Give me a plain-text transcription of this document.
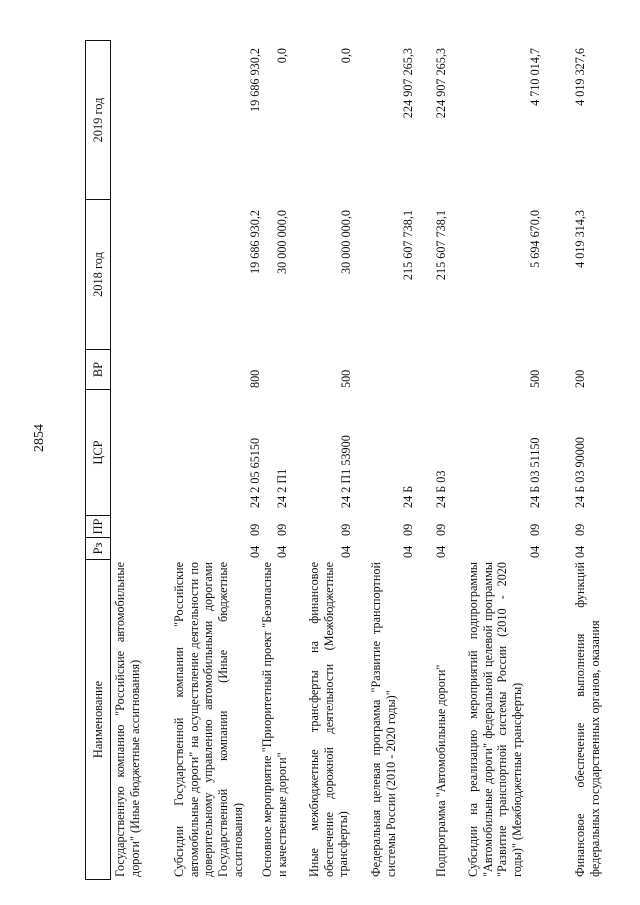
2854
Наименование
Рз
ПР
ЦСР
ВР
2018 год
2019 год
Государственную компанию "Российские автомобильные дороги" (Иные бюджетные ассигнования) Субсидии Государственной компании "Российские автомобильные дороги" на осуществление деятельности по доверительному управлению автомобильными дорогами Государственной компании (Иные бюджетные ассигнования)
04
09
24 2 05 65150
800
19 686 930,2
19 686 930,2
Основное мероприятие "Приоритетный проект "Безопасные и качественные дороги"
04
09
24 2 П1
30 000 000,0
0,0
Иные межбюджетные трансферты на финансовое обеспечение дорожной деятельности (Межбюджетные трансферты)
04
09
24 2 П1 53900
500
30 000 000,0
0,0
Федеральная целевая программа "Развитие транспортной системы России (2010 - 2020 годы)"
04
09
24 Б
215 607 738,1
224 907 265,3
Подпрограмма "Автомобильные дороги"
04
09
24 Б 03
215 607 738,1
224 907 265,3
Субсидии на реализацию мероприятий подпрограммы "Автомобильные дороги" федеральной целевой программы "Развитие транспортной системы России (2010 - 2020 годы)" (Межбюджетные трансферты)
04
09
24 Б 03 51150
500
5 694 670,0
4 710 014,7
Финансовое обеспечение выполнения функций федеральных государственных органов, оказания
04
09
24 Б 03 90000
200
4 019 314,3
4 019 327,6
